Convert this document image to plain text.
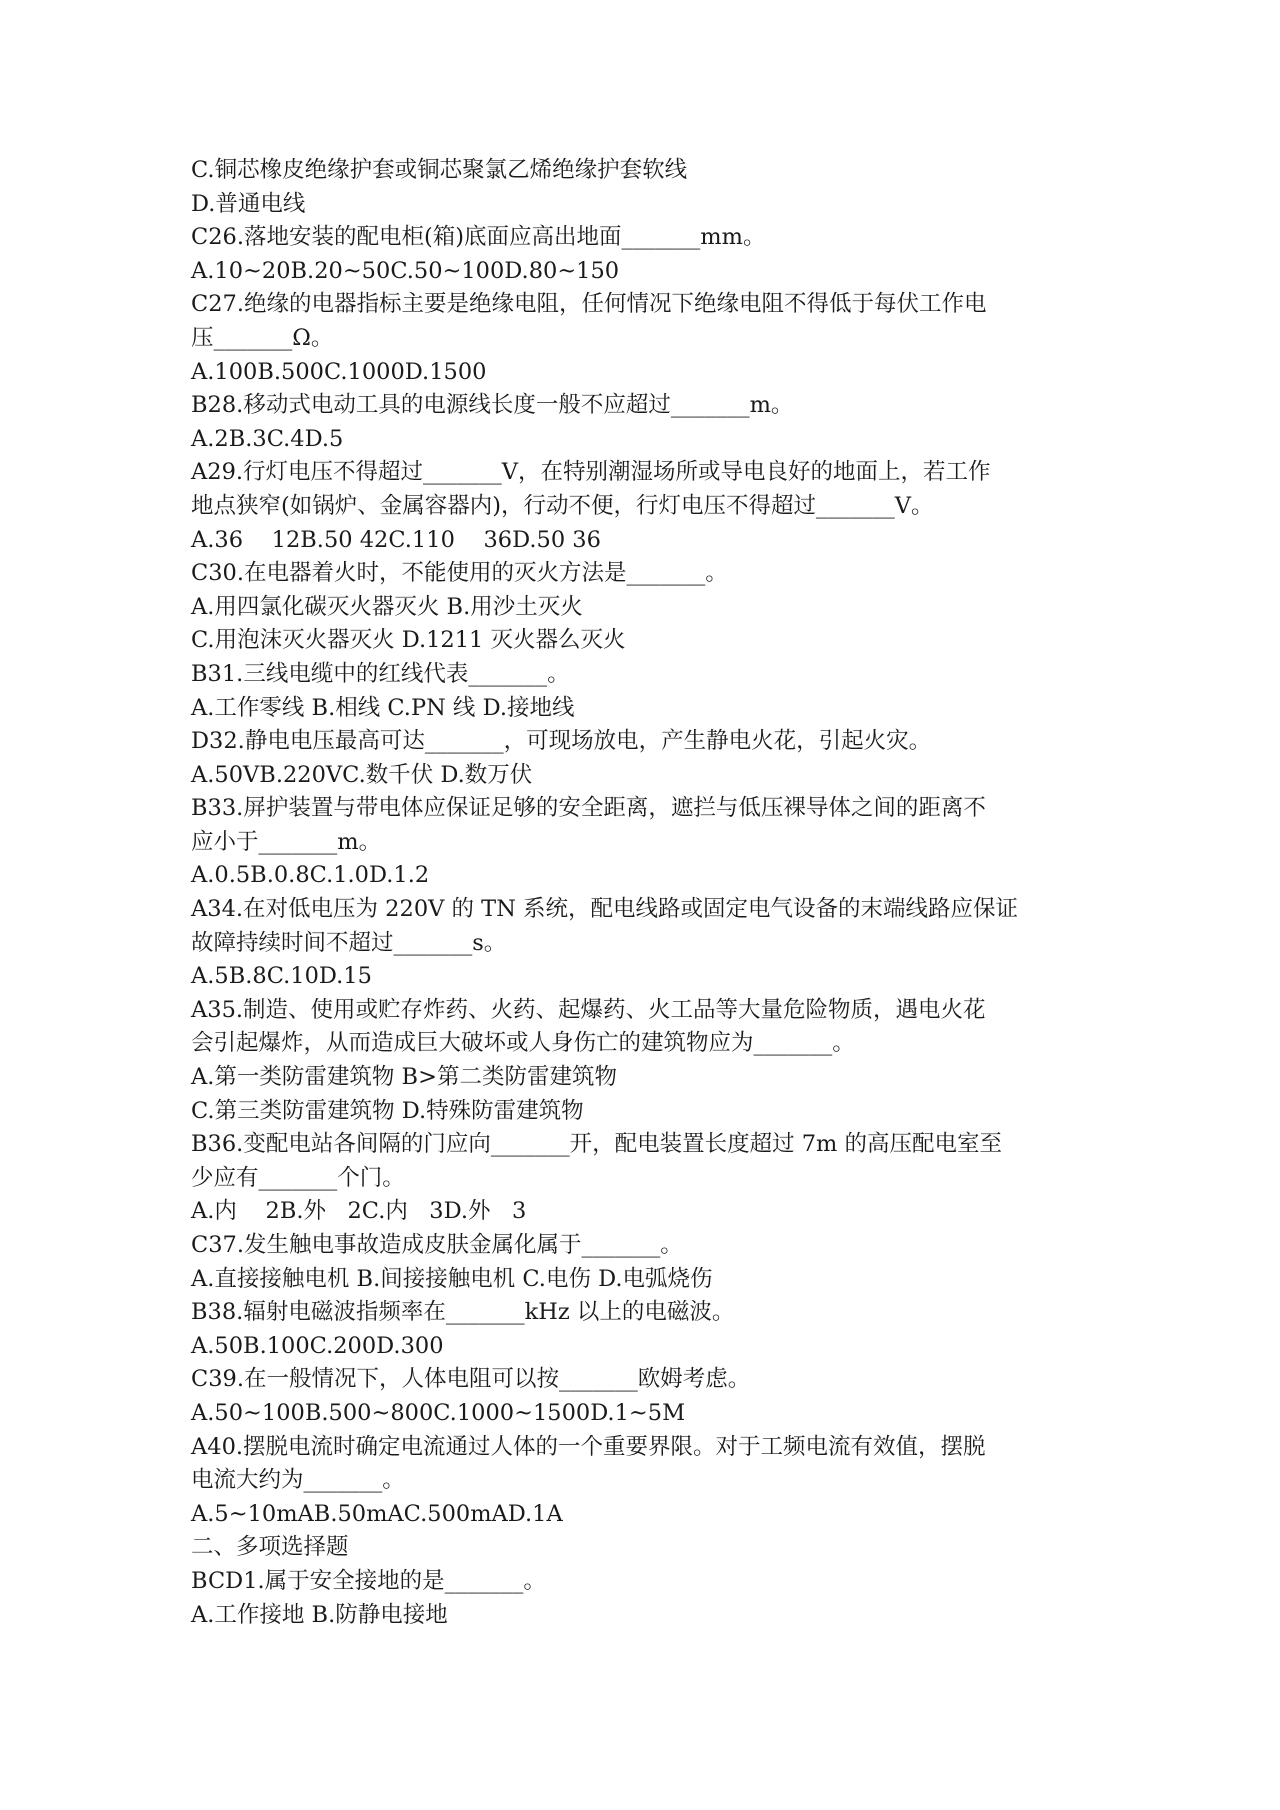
C.铜芯橡皮绝缘护套或铜芯聚氯乙烯绝缘护套软线
D.普通电线
C26.落地安装的配电柜(箱)底面应高出地面_______mm。
A.10~20B.20~50C.50~100D.80~150
C27.绝缘的电器指标主要是绝缘电阻，任何情况下绝缘电阻不得低于每伏工作电
压_______Ω。
A.100B.500C.1000D.1500
B28.移动式电动工具的电源线长度一般不应超过_______m。
A.2B.3C.4D.5
A29.行灯电压不得超过_______V，在特别潮湿场所或导电良好的地面上，若工作
地点狭窄(如锅炉、金属容器内)，行动不便，行灯电压不得超过_______V。
A.36    12B.50 42C.110    36D.50 36
C30.在电器着火时，不能使用的灭火方法是_______。
A.用四氯化碳灭火器灭火 B.用沙土灭火
C.用泡沫灭火器灭火 D.1211 灭火器么灭火
B31.三线电缆中的红线代表_______。
A.工作零线 B.相线 C.PN 线 D.接地线
D32.静电电压最高可达_______，可现场放电，产生静电火花，引起火灾。
A.50VB.220VC.数千伏 D.数万伏
B33.屏护装置与带电体应保证足够的安全距离，遮拦与低压裸导体之间的距离不
应小于_______m。
A.0.5B.0.8C.1.0D.1.2
A34.在对低电压为 220V 的 TN 系统，配电线路或固定电气设备的末端线路应保证
故障持续时间不超过_______s。
A.5B.8C.10D.15
A35.制造、使用或贮存炸药、火药、起爆药、火工品等大量危险物质，遇电火花
会引起爆炸，从而造成巨大破坏或人身伤亡的建筑物应为_______。
A.第一类防雷建筑物 B>第二类防雷建筑物
C.第三类防雷建筑物 D.特殊防雷建筑物
B36.变配电站各间隔的门应向_______开，配电装置长度超过 7m 的高压配电室至
少应有_______个门。
A.内    2B.外   2C.内   3D.外   3
C37.发生触电事故造成皮肤金属化属于_______。
A.直接接触电机 B.间接接触电机 C.电伤 D.电弧烧伤
B38.辐射电磁波指频率在_______kHz 以上的电磁波。
A.50B.100C.200D.300
C39.在一般情况下，人体电阻可以按_______欧姆考虑。
A.50~100B.500~800C.1000~1500D.1~5M
A40.摆脱电流时确定电流通过人体的一个重要界限。对于工频电流有效值，摆脱
电流大约为_______。
A.5~10mAB.50mAC.500mAD.1A
二、多项选择题
BCD1.属于安全接地的是_______。
A.工作接地 B.防静电接地
